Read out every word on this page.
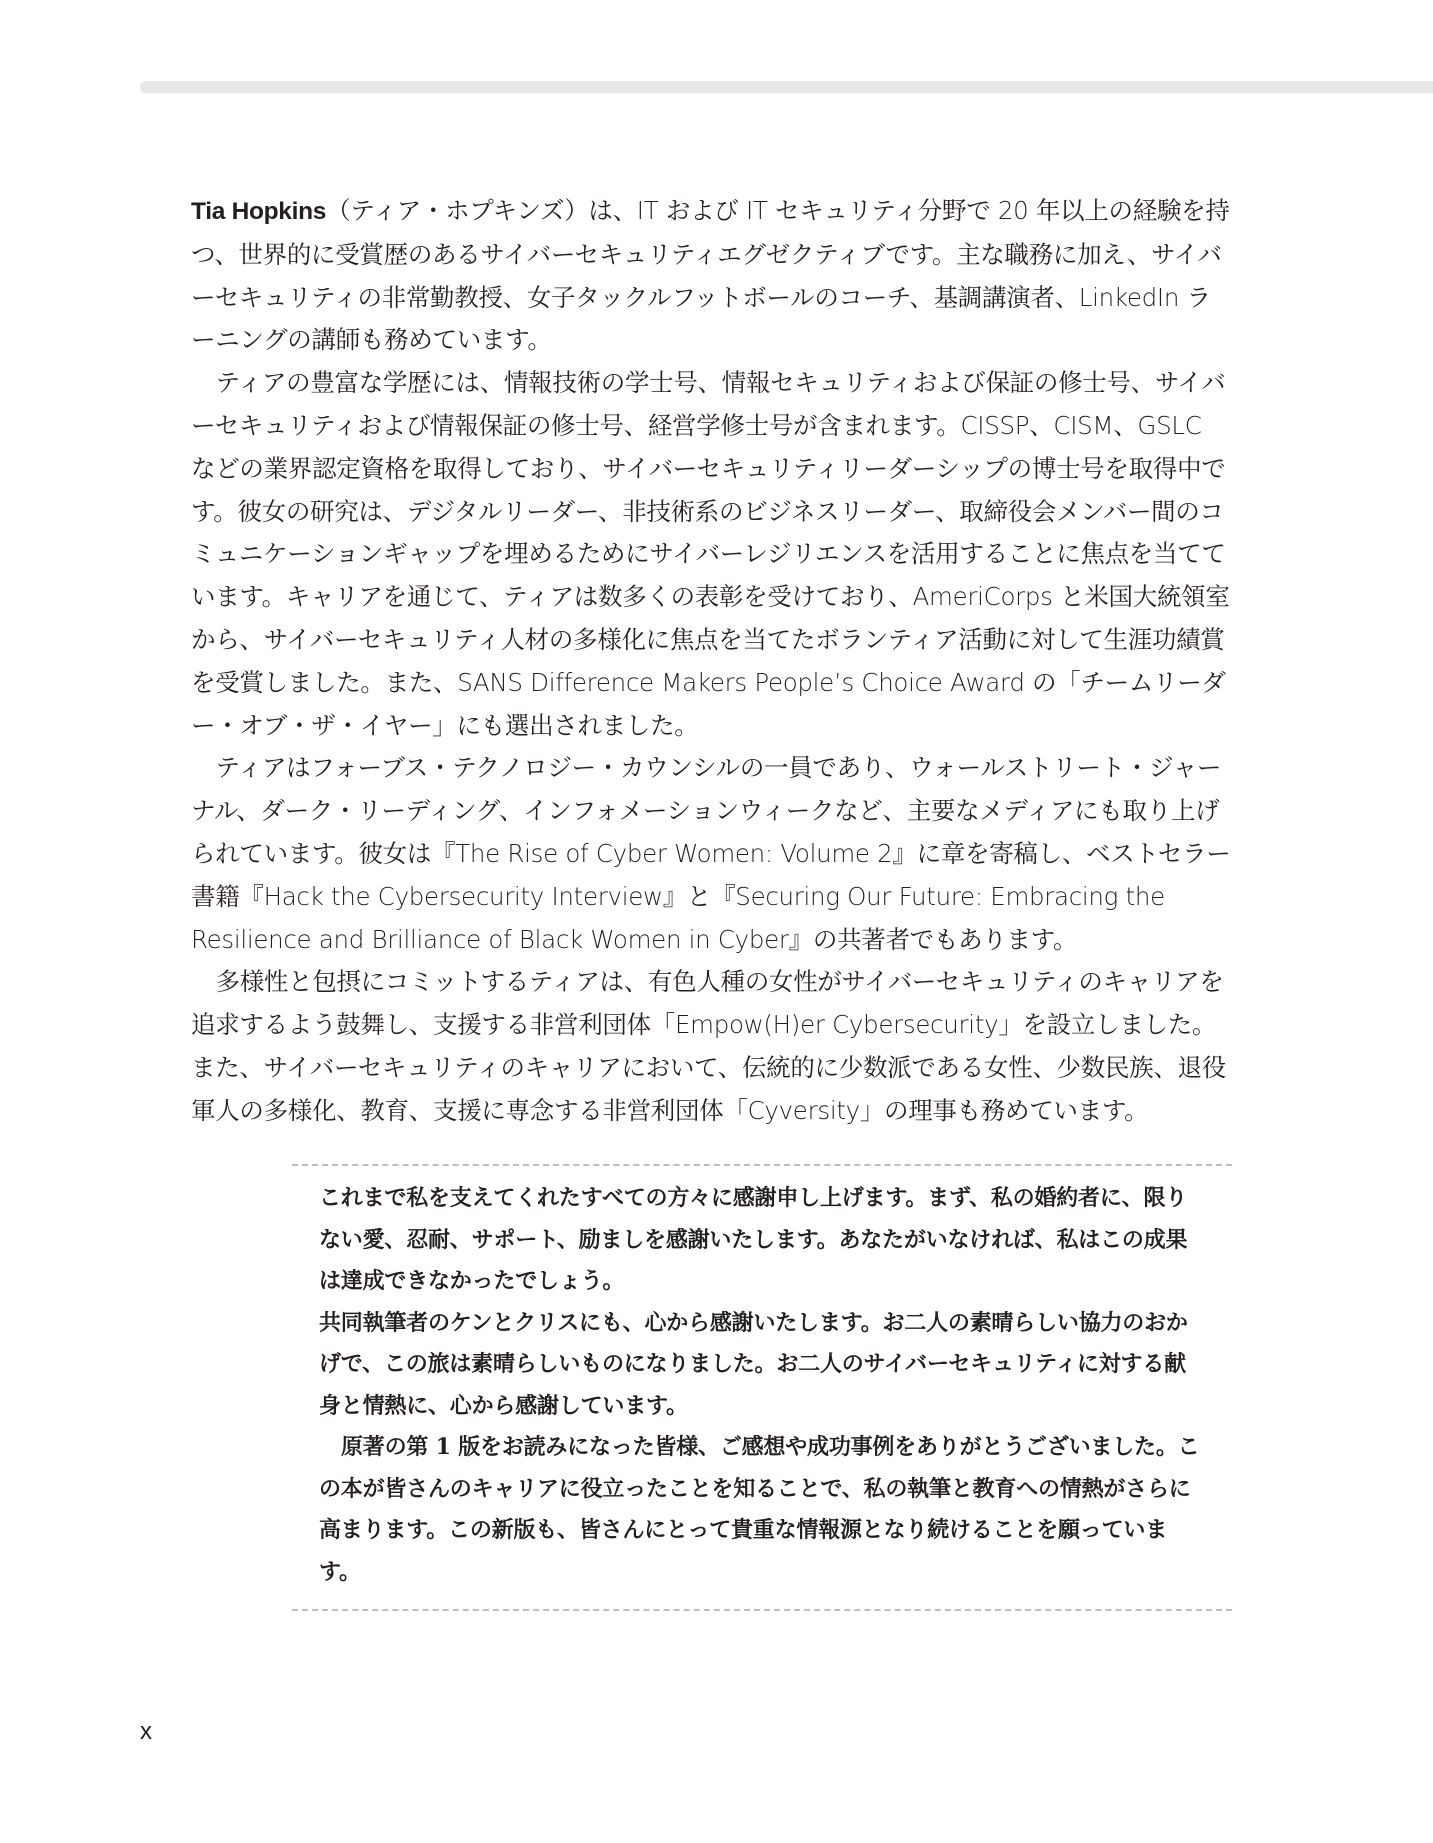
Tia Hopkins（ティア・ホプキンズ）は、IT および IT セキュリティ分野で 20 年以上の経験を持つ、世界的に受賞歴のあるサイバーセキュリティエグゼクティブです。主な職務に加え、サイバーセキュリティの非常勤教授、女子タックルフットボールのコーチ、基調講演者、LinkedIn ラーニングの講師も務めています。

ティアの豊富な学歴には、情報技術の学士号、情報セキュリティおよび保証の修士号、サイバーセキュリティおよび情報保証の修士号、経営学修士号が含まれます。CISSP、CISM、GSLC などの業界認定資格を取得しており、サイバーセキュリティリーダーシップの博士号を取得中です。彼女の研究は、デジタルリーダー、非技術系のビジネスリーダー、取締役会メンバー間のコミュニケーションギャップを埋めるためにサイバーレジリエンスを活用することに焦点を当てています。キャリアを通じて、ティアは数多くの表彰を受けており、AmeriCorps と米国大統領室から、サイバーセキュリティ人材の多様化に焦点を当てたボランティア活動に対して生涯功績賞を受賞しました。また、SANS Difference Makers People’s Choice Award の「チームリーダー・オブ・ザ・イヤー」にも選出されました。

ティアはフォーブス・テクノロジー・カウンシルの一員であり、ウォールストリート・ジャーナル、ダーク・リーディング、インフォメーションウィークなど、主要なメディアにも取り上げられています。彼女は『The Rise of Cyber Women: Volume 2』に章を寄稿し、ベストセラー書籍『Hack the Cybersecurity Interview』と『Securing Our Future: Embracing the Resilience and Brilliance of Black Women in Cyber』の共著者でもあります。

多様性と包摂にコミットするティアは、有色人種の女性がサイバーセキュリティのキャリアを追求するよう鼓舞し、支援する非営利団体「Empow(H)er Cybersecurity」を設立しました。また、サイバーセキュリティのキャリアにおいて、伝統的に少数派である女性、少数民族、退役軍人の多様化、教育、支援に専念する非営利団体「Cyversity」の理事も務めています。

これまで私を支えてくれたすべての方々に感謝申し上げます。まず、私の婚約者に、限りない愛、忍耐、サポート、励ましを感謝いたします。あなたがいなければ、私はこの成果は達成できなかったでしょう。

共同執筆者のケンとクリスにも、心から感謝いたします。お二人の素晴らしい協力のおかげで、この旅は素晴らしいものになりました。お二人のサイバーセキュリティに対する献身と情熱に、心から感謝しています。

原著の第 1 版をお読みになった皆様、ご感想や成功事例をありがとうございました。この本が皆さんのキャリアに役立ったことを知ることで、私の執筆と教育への情熱がさらに高まります。この新版も、皆さんにとって貴重な情報源となり続けることを願っています。

x
